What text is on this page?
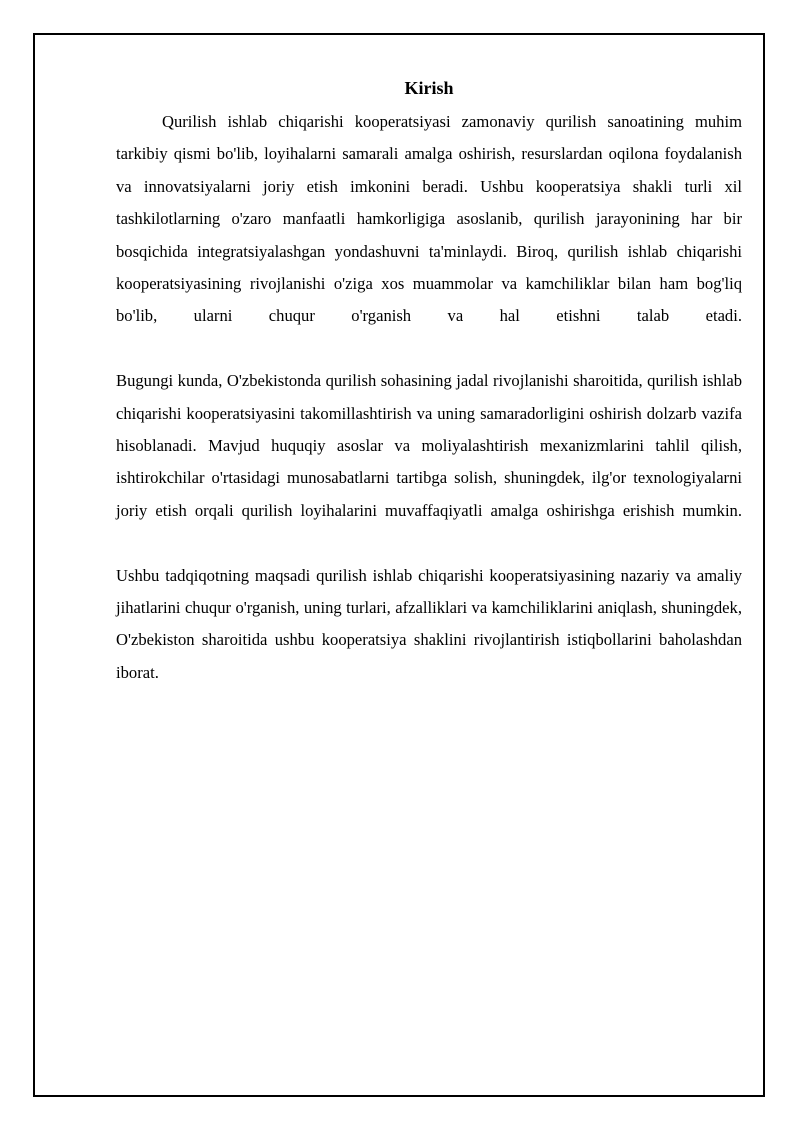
Kirish

Qurilish ishlab chiqarishi kooperatsiyasi zamonaviy qurilish sanoatining muhim tarkibiy qismi bo'lib, loyihalarni samarali amalga oshirish, resurslardan oqilona foydalanish va innovatsiyalarni joriy etish imkonini beradi. Ushbu kooperatsiya shakli turli xil tashkilotlarning o'zaro manfaatli hamkorligiga asoslanib, qurilish jarayonining har bir bosqichida integratsiyalashgan yondashuvni ta'minlaydi. Biroq, qurilish ishlab chiqarishi kooperatsiyasining rivojlanishi o'ziga xos muammolar va kamchiliklar bilan ham bog'liq bo'lib, ularni chuqur o'rganish va hal etishni talab etadi.

Bugungi kunda, O'zbekistonda qurilish sohasining jadal rivojlanishi sharoitida, qurilish ishlab chiqarishi kooperatsiyasini takomillashtirish va uning samaradorligini oshirish dolzarb vazifa hisoblanadi. Mavjud huquqiy asoslar va moliyalashtirish mexanizmlarini tahlil qilish, ishtirokchilar o'rtasidagi munosabatlarni tartibga solish, shuningdek, ilg'or texnologiyalarni joriy etish orqali qurilish loyihalarini muvaffaqiyatli amalga oshirishga erishish mumkin.

Ushbu tadqiqotning maqsadi qurilish ishlab chiqarishi kooperatsiyasining nazariy va amaliy jihatlarini chuqur o'rganish, uning turlari, afzalliklari va kamchiliklarini aniqlash, shuningdek, O'zbekiston sharoitida ushbu kooperatsiya shaklini rivojlantirish istiqbollarini baholashdan iborat.
